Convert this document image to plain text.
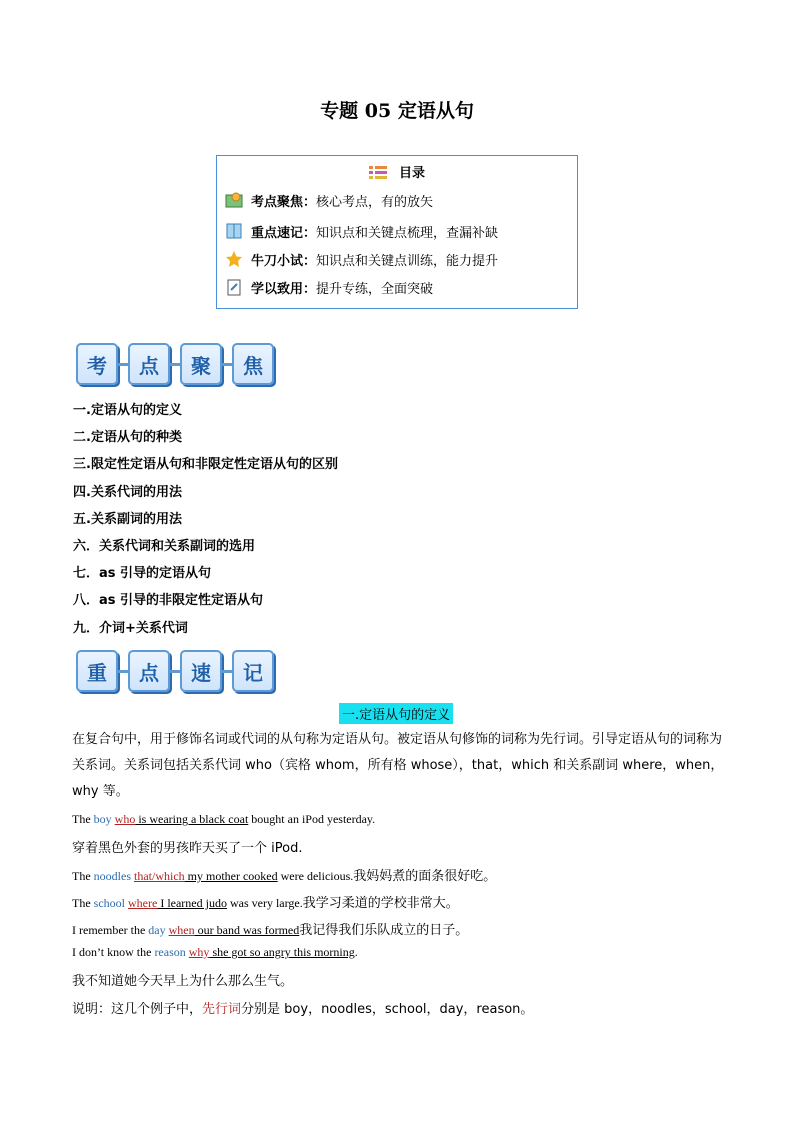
专题 05 定语从句
目录
考点聚焦： 核心考点，有的放矢
重点速记： 知识点和关键点梳理，查漏补缺
牛刀小试： 知识点和关键点训练，能力提升
学以致用： 提升专练，全面突破
考	点	聚	焦
一.定语从句的定义
二.定语从句的种类
三.限定性定语从句和非限定性定语从句的区别
四.关系代词的用法
五.关系副词的用法
六．关系代词和关系副词的选用
七．as 引导的定语从句
八．as 引导的非限定性定语从句
九．介词+关系代词
重	点	速	记
一.定语从句的定义
在复合句中，用于修饰名词或代词的从句称为定语从句。被定语从句修饰的词称为先行词。引导定语从句的词称为关系词。关系词包括关系代词 who（宾格 whom，所有格 whose），that，which 和关系副词 where，when，why 等。
The boy who is wearing a black coat bought an iPod yesterday.
穿着黑色外套的男孩昨天买了一个 iPod.
The noodles that/which my mother cooked were delicious.我妈妈煮的面条很好吃。
The school where I learned judo was very large.我学习柔道的学校非常大。
I remember the day when our band was formed我记得我们乐队成立的日子。
I don’t know the reason why she got so angry this morning.
我不知道她今天早上为什么那么生气。
说明：这几个例子中，先行词分别是 boy，noodles，school，day，reason。
